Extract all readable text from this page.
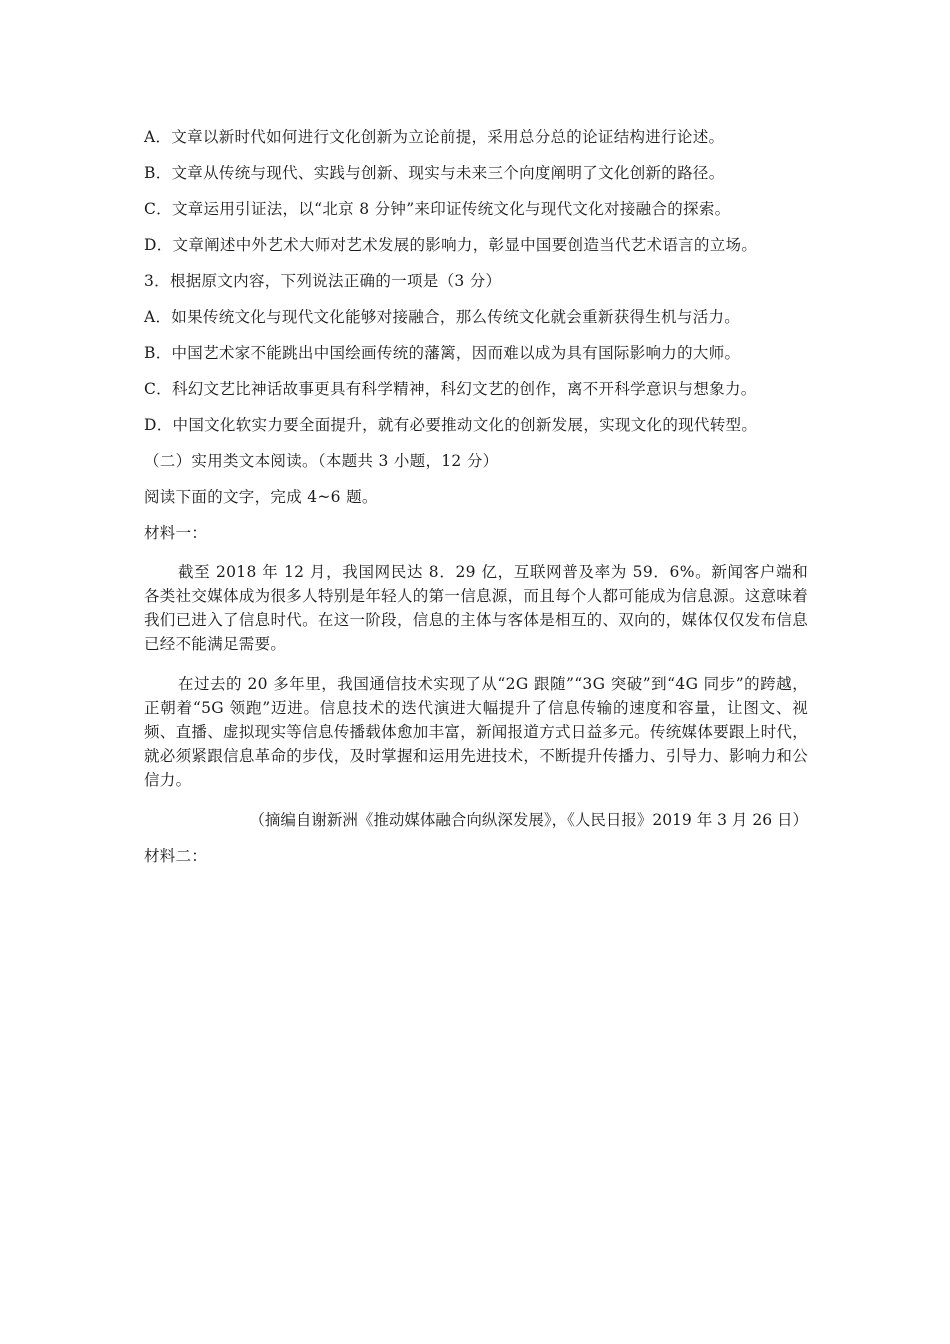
A．文章以新时代如何进行文化创新为立论前提，采用总分总的论证结构进行论述。
B．文章从传统与现代、实践与创新、现实与未来三个向度阐明了文化创新的路径。
C．文章运用引证法，以“北京 8 分钟”来印证传统文化与现代文化对接融合的探索。
D．文章阐述中外艺术大师对艺术发展的影响力，彰显中国要创造当代艺术语言的立场。
3．根据原文内容，下列说法正确的一项是（3 分）
A．如果传统文化与现代文化能够对接融合，那么传统文化就会重新获得生机与活力。
B．中国艺术家不能跳出中国绘画传统的藩篱，因而难以成为具有国际影响力的大师。
C．科幻文艺比神话故事更具有科学精神，科幻文艺的创作，离不开科学意识与想象力。
D．中国文化软实力要全面提升，就有必要推动文化的创新发展，实现文化的现代转型。
（二）实用类文本阅读。（本题共 3 小题，12 分）
阅读下面的文字，完成 4~6 题。
材料一：
截至 2018 年 12 月，我国网民达 8．29 亿，互联网普及率为 59．6%。新闻客户端和各类社交媒体成为很多人特别是年轻人的第一信息源，而且每个人都可能成为信息源。这意味着我们已进入了信息时代。在这一阶段，信息的主体与客体是相互的、双向的，媒体仅仅发布信息已经不能满足需要。
在过去的 20 多年里，我国通信技术实现了从“2G 跟随”“3G 突破”到“4G 同步”的跨越，正朝着“5G 领跑”迈进。信息技术的迭代演进大幅提升了信息传输的速度和容量，让图文、视频、直播、虚拟现实等信息传播载体愈加丰富，新闻报道方式日益多元。传统媒体要跟上时代，就必须紧跟信息革命的步伐，及时掌握和运用先进技术，不断提升传播力、引导力、影响力和公信力。
（摘编自谢新洲《推动媒体融合向纵深发展》，《人民日报》2019 年 3 月 26 日）
材料二：
